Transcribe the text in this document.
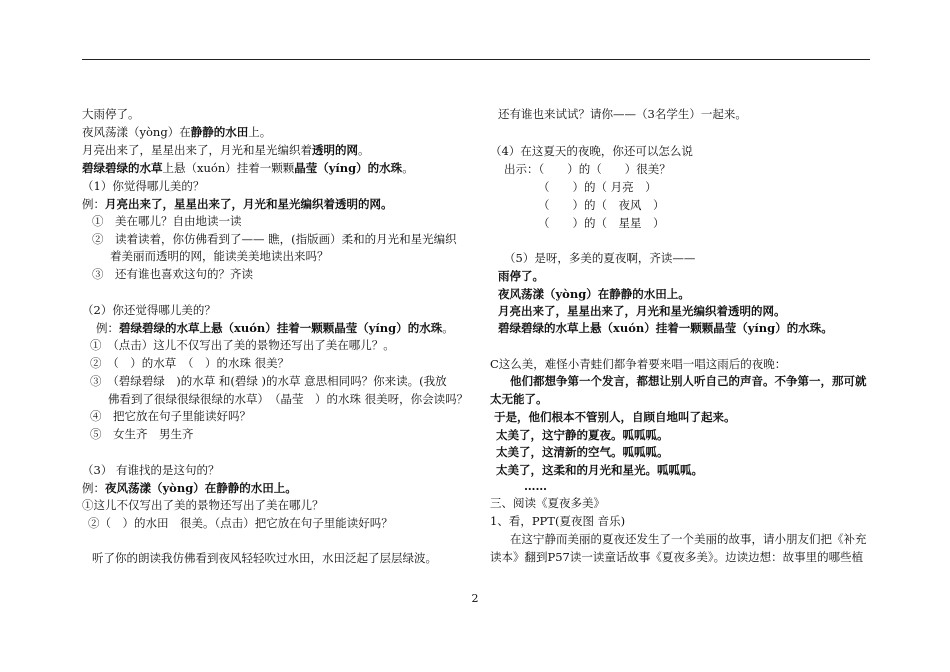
大雨停了。
夜风荡漾（yòng）在静静的水田上。
月亮出来了，星星出来了，月光和星光编织着透明的网。
碧绿碧绿的水草上悬（xuón）挂着一颗颗晶莹（yíng）的水珠。
（1）你觉得哪儿美的？
例：月亮出来了，星星出来了，月光和星光编织着透明的网。
①　美在哪儿？自由地读一读
②　读着读着，你仿佛看到了—— 瞧，(指版画）柔和的月光和星光编织
着美丽而透明的网，能读美美地读出来吗？
③　还有谁也喜欢这句的？齐读
（2）你还觉得哪儿美的？
例：碧绿碧绿的水草上悬（xuón）挂着一颗颗晶莹（yíng）的水珠。
①　（点击）这儿不仅写出了美的景物还写出了美在哪儿？。
②　（　）的水草　（　）的水珠 很美？
③　（碧绿碧绿　)的水草 和(碧绿 )的水草 意思相同吗？你来读。(我放
佛看到了很绿很绿很绿的水草）　（晶莹　）的水珠 很美呀，你会读吗？
④　把它放在句子里能读好吗？
⑤　女生齐　男生齐
（3） 有谁找的是这句的？
例：夜风荡漾（yòng）在静静的水田上。
①这儿不仅写出了美的景物还写出了美在哪儿？
②（　）的水田　很美。（点击）把它放在句子里能读好吗？
听了你的朗读我仿佛看到夜风轻轻吹过水田，水田泛起了层层绿波。
还有谁也来试试？请你——（3名学生）一起来。
（4）在这夏天的夜晚，你还可以怎么说
出示：（　　）的（　　）很美？
（　　）的（ 月亮　）
（　　）的（　夜风　）
（　　）的（　星星　）
（5）是呀，多美的夏夜啊，齐读——
雨停了。
夜风荡漾（yòng）在静静的水田上。
月亮出来了，星星出来了，月光和星光编织着透明的网。
碧绿碧绿的水草上悬（xuón）挂着一颗颗晶莹（yíng）的水珠。
C这么美，难怪小青蛙们都争着要来唱一唱这雨后的夜晚：
他们都想争第一个发言，都想让别人听自己的声音。不争第一，那可就
太无能了。
于是，他们根本不管别人，自顾自地叫了起来。
太美了，这宁静的夏夜。呱呱呱。
太美了，这清新的空气。呱呱呱。
太美了，这柔和的月光和星光。呱呱呱。
……
三、阅读《夏夜多美》
1、看，PPT(夏夜图 音乐)
在这宁静而美丽的夏夜还发生了一个美丽的故事，请小朋友们把《补充
读本》翻到P57读一读童话故事《夏夜多美》。边读边想：故事里的哪些植
2
